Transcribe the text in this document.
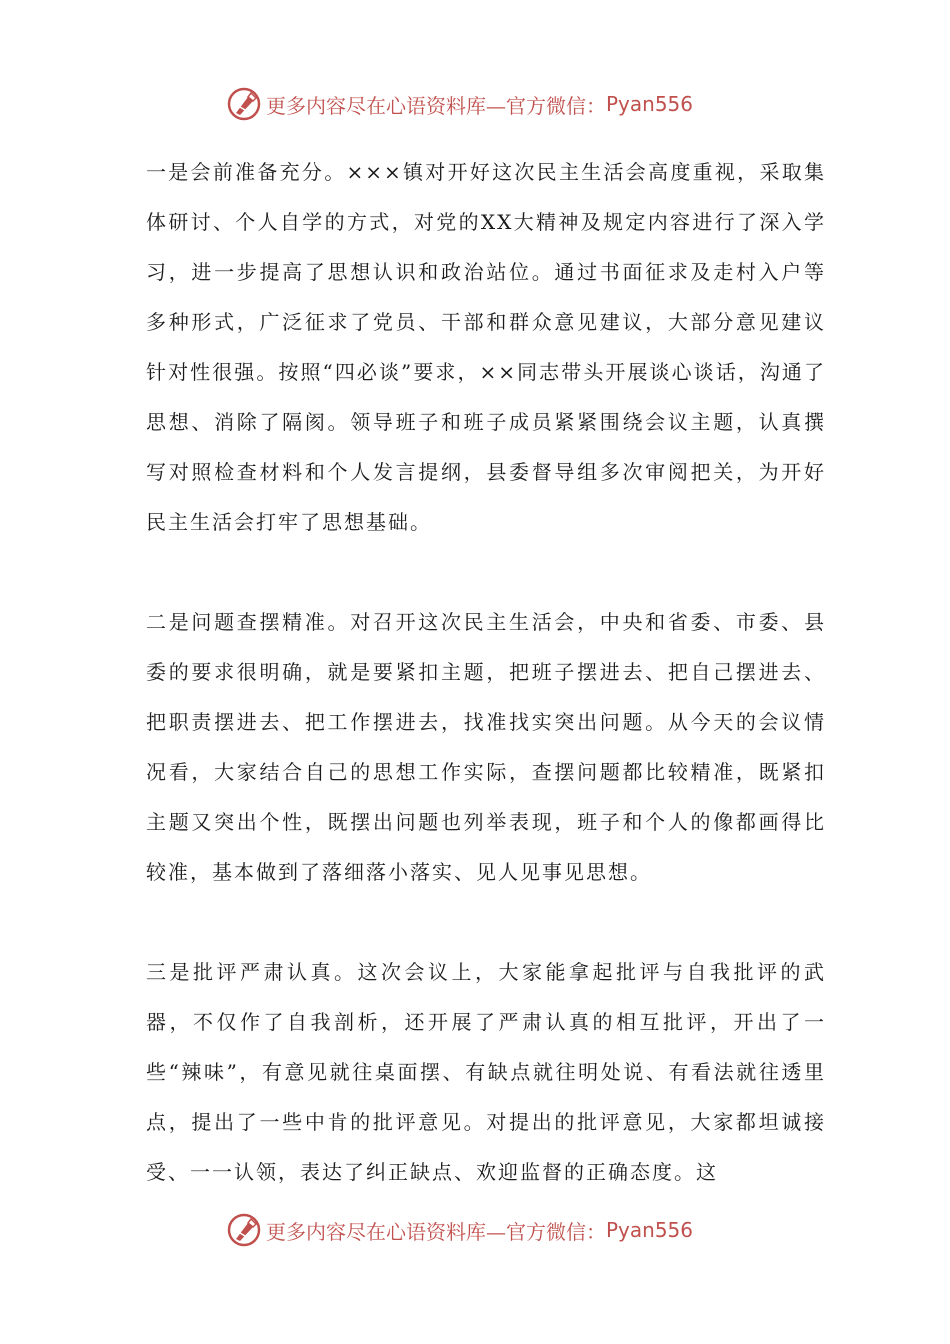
更多内容尽在心语资料库—官方微信： Pyan556

一是会前准备充分。×××镇对开好这次民主生活会高度重视，采取集体研讨、个人自学的方式，对党的XX大精神及规定内容进行了深入学习，进一步提高了思想认识和政治站位。通过书面征求及走村入户等多种形式，广泛征求了党员、干部和群众意见建议，大部分意见建议针对性很强。按照“四必谈”要求，××同志带头开展谈心谈话，沟通了思想、消除了隔阂。领导班子和班子成员紧紧围绕会议主题，认真撰写对照检查材料和个人发言提纲，县委督导组多次审阅把关，为开好民主生活会打牢了思想基础。

二是问题查摆精准。对召开这次民主生活会，中央和省委、市委、县委的要求很明确，就是要紧扣主题，把班子摆进去、把自己摆进去、把职责摆进去、把工作摆进去，找准找实突出问题。从今天的会议情况看，大家结合自己的思想工作实际，查摆问题都比较精准，既紧扣主题又突出个性，既摆出问题也列举表现，班子和个人的像都画得比较准，基本做到了落细落小落实、见人见事见思想。

三是批评严肃认真。这次会议上，大家能拿起批评与自我批评的武器，不仅作了自我剖析，还开展了严肃认真的相互批评，开出了一些“辣味”，有意见就往桌面摆、有缺点就往明处说、有看法就往透里点，提出了一些中肯的批评意见。对提出的批评意见，大家都坦诚接受、一一认领，表达了纠正缺点、欢迎监督的正确态度。这

更多内容尽在心语资料库—官方微信： Pyan556
